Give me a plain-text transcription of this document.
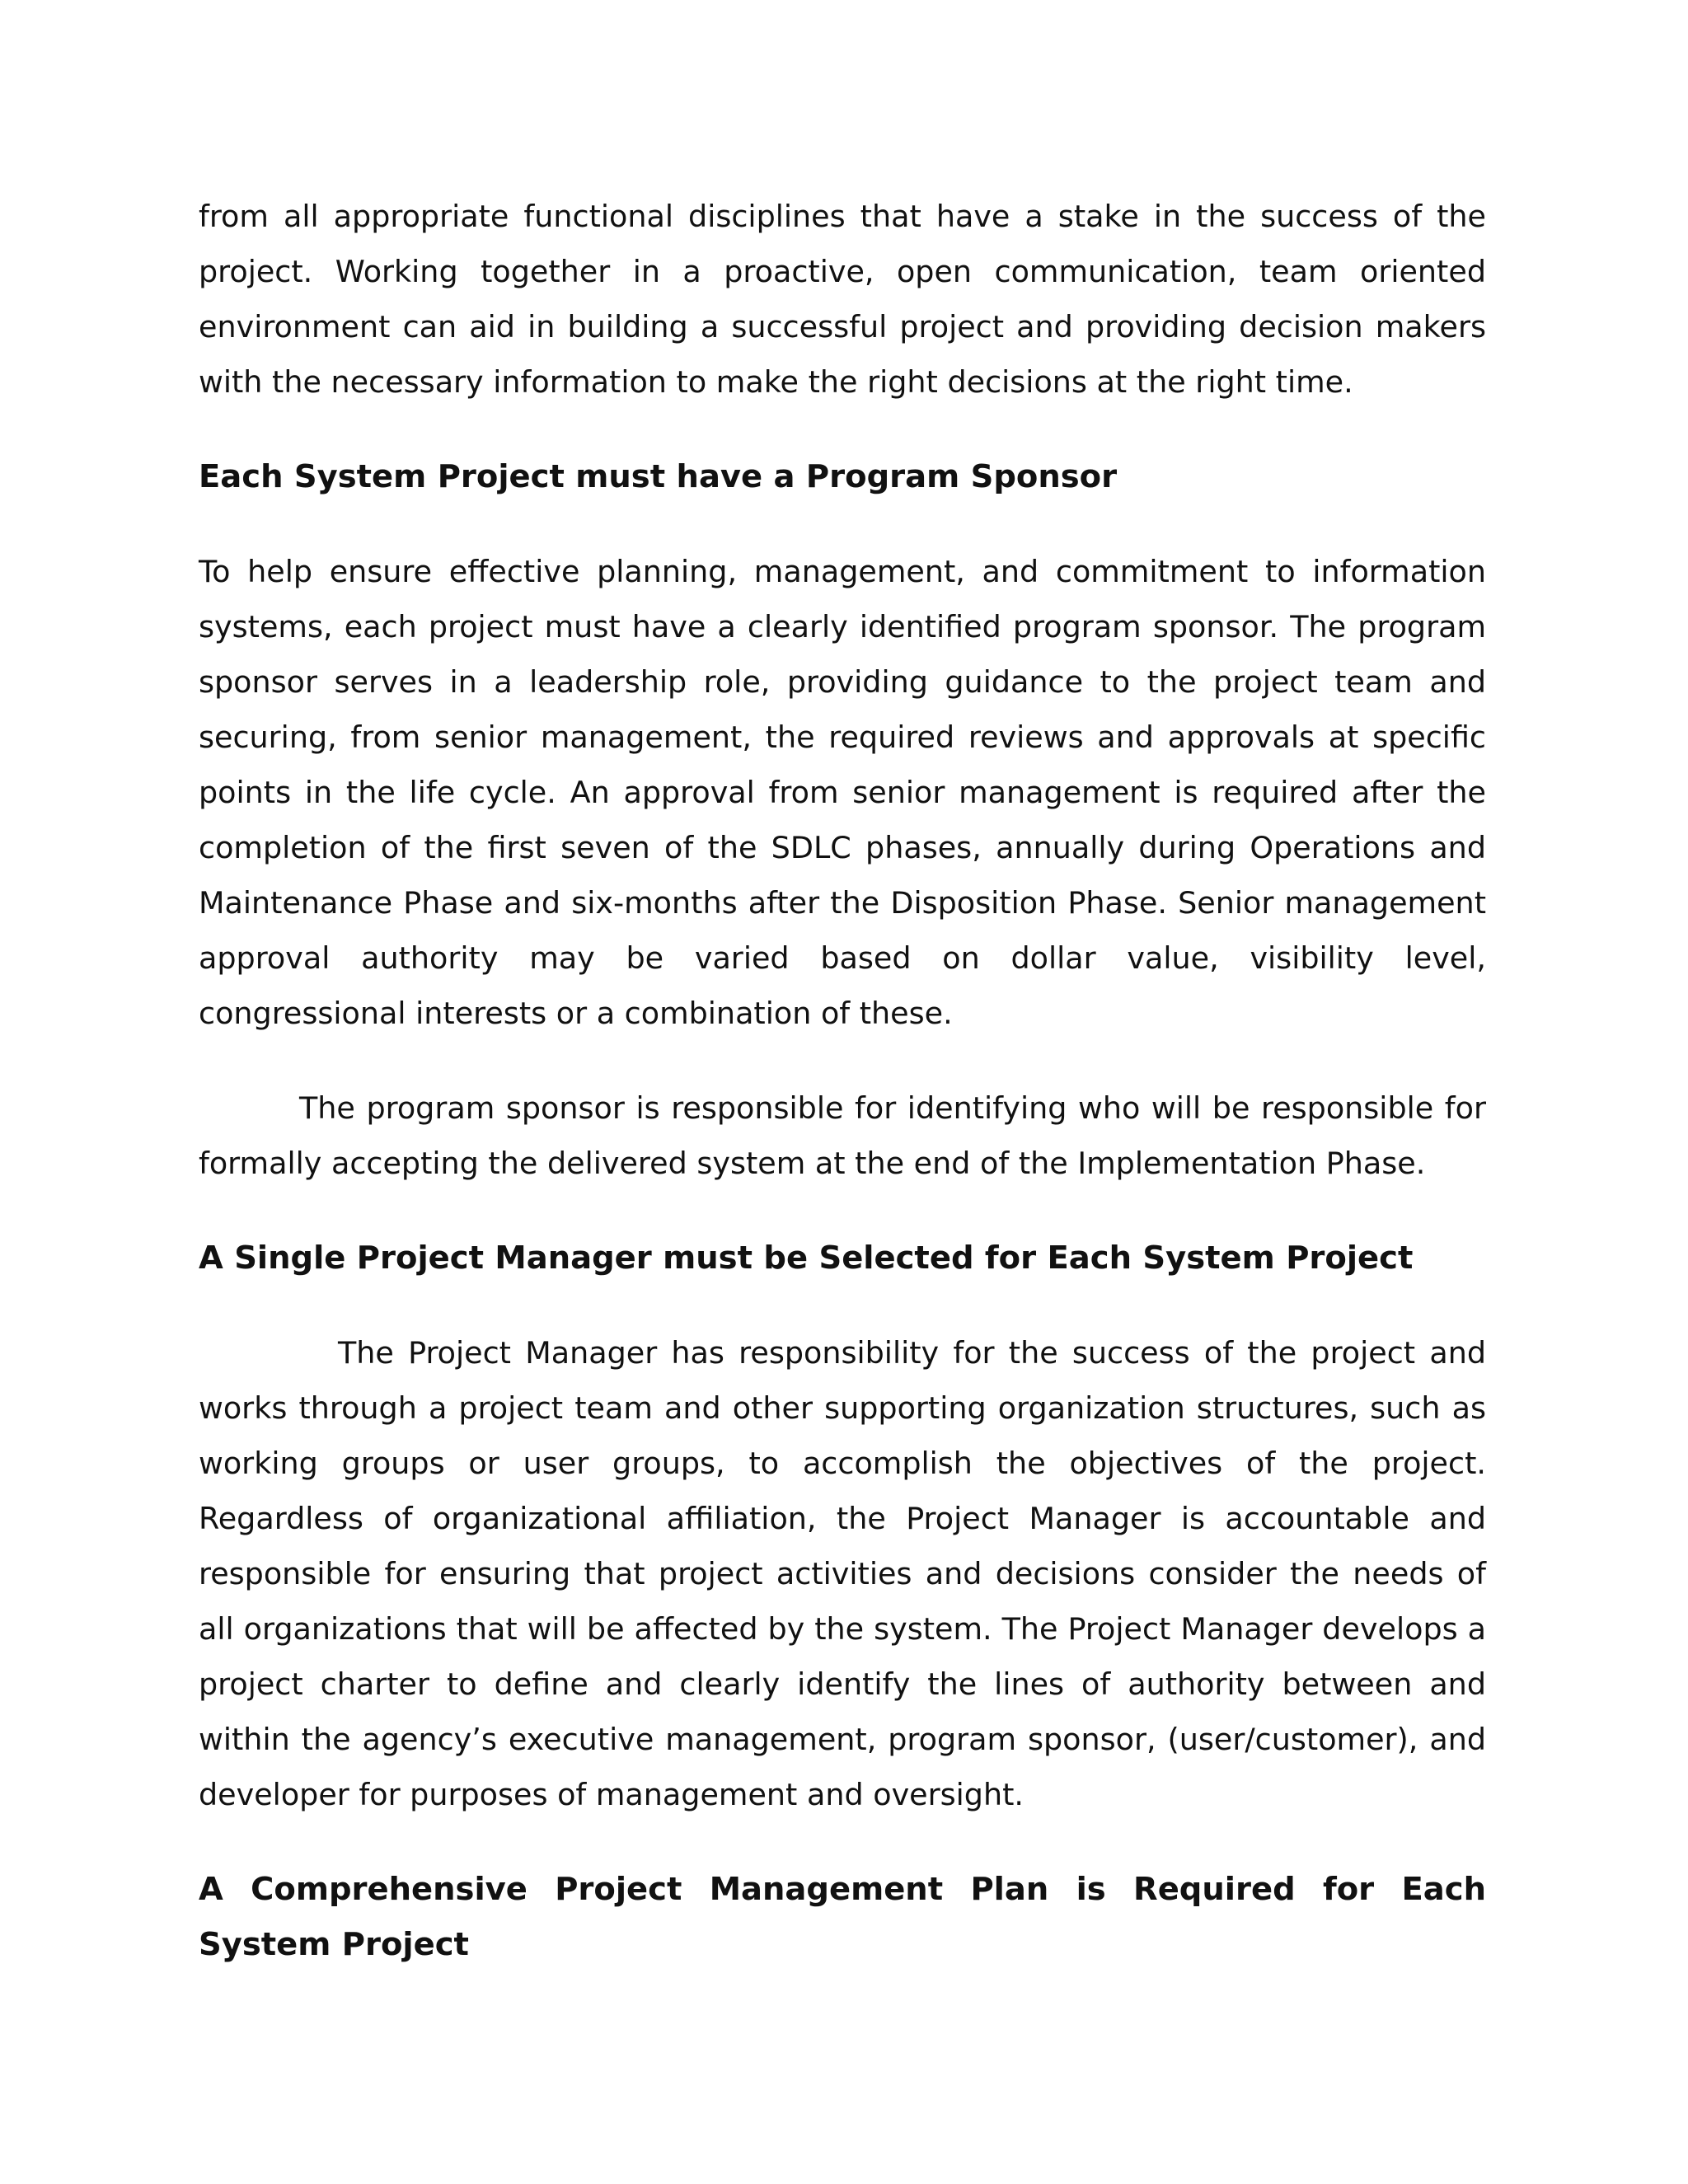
from all appropriate functional disciplines that have a stake in the success of the project. Working together in a proactive, open communication, team oriented environment can aid in building a successful project and providing decision makers with the necessary information to make the right decisions at the right time.

Each System Project must have a Program Sponsor

To help ensure effective planning, management, and commitment to information systems, each project must have a clearly identified program sponsor. The program sponsor serves in a leadership role, providing guidance to the project team and securing, from senior management, the required reviews and approvals at specific points in the life cycle. An approval from senior management is required after the completion of the first seven of the SDLC phases, annually during Operations and Maintenance Phase and six-months after the Disposition Phase. Senior management approval authority may be varied based on dollar value, visibility level, congressional interests or a combination of these.

The program sponsor is responsible for identifying who will be responsible for formally accepting the delivered system at the end of the Implementation Phase.

A Single Project Manager must be Selected for Each System Project

The Project Manager has responsibility for the success of the project and works through a project team and other supporting organization structures, such as working groups or user groups, to accomplish the objectives of the project. Regardless of organizational affiliation, the Project Manager is accountable and responsible for ensuring that project activities and decisions consider the needs of all organizations that will be affected by the system. The Project Manager develops a project charter to define and clearly identify the lines of authority between and within the agency’s executive management, program sponsor, (user/customer), and developer for purposes of management and oversight.

A Comprehensive Project Management Plan is Required for Each System Project
